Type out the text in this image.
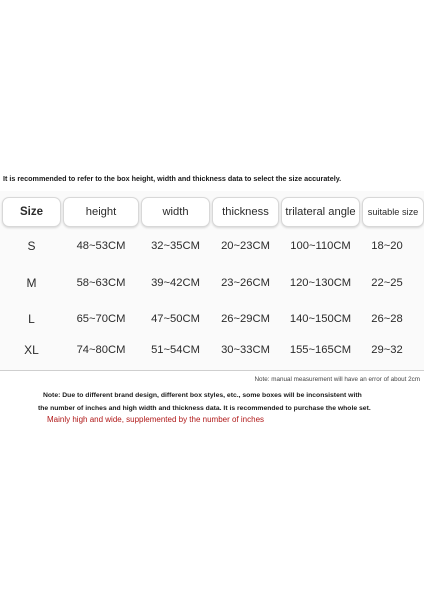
It is recommended to refer to the box height, width and thickness data to select the size accurately.
Size	height	width	thickness	trilateral angle	suitable size
S	48~53CM	32~35CM	20~23CM	100~110CM	18~20
M	58~63CM	39~42CM	23~26CM	120~130CM	22~25
L	65~70CM	47~50CM	26~29CM	140~150CM	26~28
XL	74~80CM	51~54CM	30~33CM	155~165CM	29~32
Note: manual measurement will have an error of about 2cm
Note: Due to different brand design, different box styles, etc., some boxes will be inconsistent with
the number of inches and high width and thickness data. It is recommended to purchase the whole set.
Mainly high and wide, supplemented by the number of inches
